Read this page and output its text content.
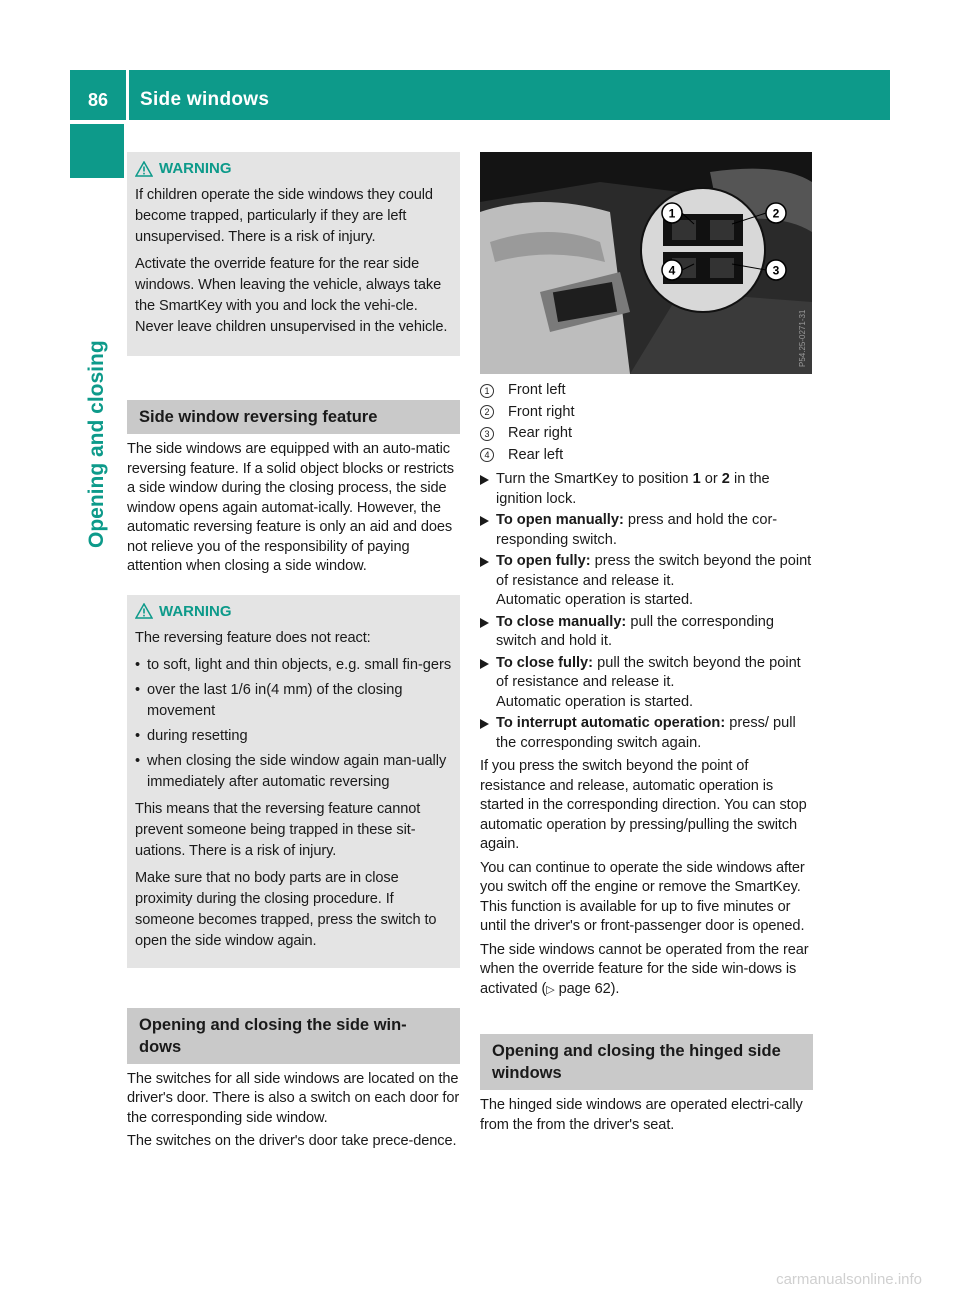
86	Side windows
Opening and closing
WARNING

If children operate the side windows they could become trapped, particularly if they are left unsupervised. There is a risk of injury.

Activate the override feature for the rear side windows. When leaving the vehicle, always take the SmartKey with you and lock the vehi-cle. Never leave children unsupervised in the vehicle.

Side window reversing feature

The side windows are equipped with an auto-matic reversing feature. If a solid object blocks or restricts a side window during the closing process, the side window opens again automat-ically. However, the automatic reversing feature is only an aid and does not relieve you of the responsibility of paying attention when closing a side window.

WARNING

The reversing feature does not react:

• to soft, light and thin objects, e.g. small fin-gers
• over the last 1/6 in(4 mm) of the closing movement
• during resetting
• when closing the side window again man-ually immediately after automatic reversing

This means that the reversing feature cannot prevent someone being trapped in these sit-uations. There is a risk of injury.

Make sure that no body parts are in close proximity during the closing procedure. If someone becomes trapped, press the switch to open the side window again.

Opening and closing the side win-dows

The switches for all side windows are located on the driver's door. There is also a switch on each door for the corresponding side window.

The switches on the driver's door take prece-dence.

1	2
3
4
P54.25-0271-31
1	Front left
2	Front right
3	Rear right
4	Rear left
Turn the SmartKey to position 1 or 2 in the ignition lock.
To open manually: press and hold the cor-responding switch.
To open fully: press the switch beyond the point of resistance and release it.
Automatic operation is started.
To close manually: pull the corresponding switch and hold it.
To close fully: pull the switch beyond the point of resistance and release it.
Automatic operation is started.
To interrupt automatic operation: press/ pull the corresponding switch again.

If you press the switch beyond the point of resistance and release, automatic operation is started in the corresponding direction. You can stop automatic operation by pressing/pulling the switch again.

You can continue to operate the side windows after you switch off the engine or remove the SmartKey. This function is available for up to five minutes or until the driver's or front-passenger door is opened.

The side windows cannot be operated from the rear when the override feature for the side win-dows is activated (▷ page 62).

Opening and closing the hinged side windows

The hinged side windows are operated electri-cally from the from the driver's seat.

carmanualsonline.info
